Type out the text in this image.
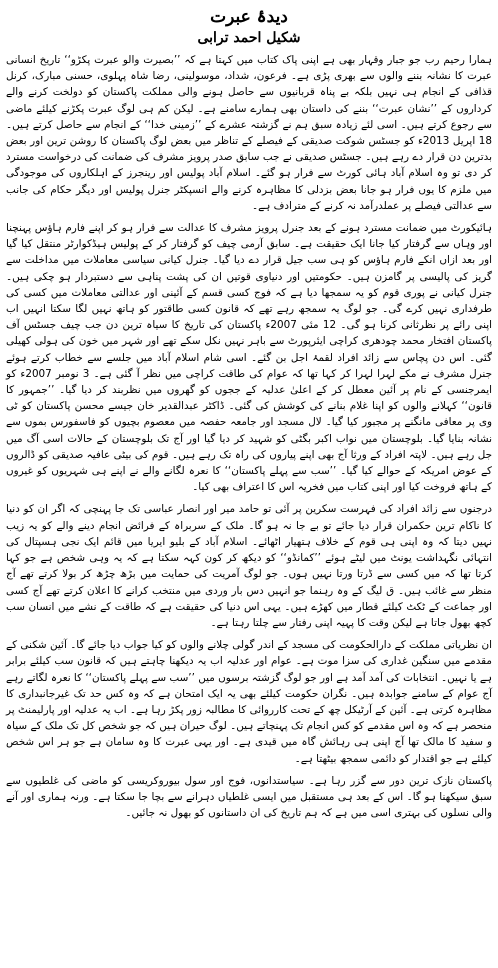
دیدۂ عبرت
شکیل احمد ترابی

ہمارا رحیم رب جو جبار وقہار بھی ہے اپنی پاک کتاب میں کہتا ہے کہ ’’بصیرت والو عبرت پکڑو‘‘ تاریخ انسانی عبرت کا نشانہ بننے والوں سے بھری پڑی ہے۔ فرعون، شداد، موسولینی، رضا شاہ پہلوی، حسنی مبارک، کرنل قذافی کے انجام ہی نہیں بلکہ بے پناہ قربانیوں سے حاصل ہونے والی مملکت پاکستان کو دولخت کرنے والے کرداروں کے ’’نشان عبرت‘‘ بننے کی داستان بھی ہمارے سامنے ہے۔ لیکن کم ہی لوگ عبرت پکڑنے کیلئے ماضی سے رجوع کرتے ہیں۔ اسی لئے زیادہ سبق ہم نے گزشتہ عشرے کے ’’زمینی خدا‘‘ کے انجام سے حاصل کرتے ہیں۔ 18 اپریل 2013ء کو جسٹس شوکت صدیقی کے فیصلے کے تناظر میں بعض لوگ پاکستان کا روشن ترین اور بعض بدترین دن قرار دے رہے ہیں۔ جسٹس صدیقی نے جب سابق صدر پرویز مشرف کی ضمانت کی درخواست مسترد کر دی تو وہ اسلام آباد ہائی کورٹ سے فرار ہو گئے۔ اسلام آباد پولیس اور رینجرز کے اہلکاروں کی موجودگی میں ملزم کا یوں فرار ہو جانا بعض بزدلی کا مظاہرہ کرنے والے انسپکٹر جنرل پولیس اور دیگر حکام کی جانب سے عدالتی فیصلے پر عملدرآمد نہ کرنے کے مترادف ہے۔

ہائیکورٹ میں ضمانت مسترد ہونے کے بعد جنرل پرویز مشرف کا عدالت سے فرار ہو کر اپنے فارم ہاؤس پہنچنا اور وہاں سے گرفتار کیا جانا ایک حقیقت ہے۔ سابق آرمی چیف کو گرفتار کر کے پولیس ہیڈکوارٹر منتقل کیا گیا اور بعد ازاں انکے فارم ہاؤس کو ہی سب جیل قرار دے دیا گیا۔ جنرل کیانی سیاسی معاملات میں مداخلت سے گریز کی پالیسی پر گامزن ہیں۔ حکومتیں اور دنیاوی قوتیں ان کی پشت پناہی سے دستبردار ہو چکی ہیں۔ جنرل کیانی نے پوری قوم کو یہ سمجھا دیا ہے کہ فوج کسی قسم کے آئینی اور عدالتی معاملات میں کسی کی طرفداری نہیں کرے گی۔ جو لوگ یہ سمجھ رہے تھے کہ قانون کسی طاقتور کو ہاتھ نہیں لگا سکتا انہیں اب اپنی رائے پر نظرثانی کرنا ہو گی۔ 12 مئی 2007ء پاکستان کی تاریخ کا سیاہ ترین دن جب چیف جسٹس آف پاکستان افتخار محمد چودھری کراچی ایئرپورٹ سے باہر نہیں نکل سکے تھے اور شہر میں خون کی ہولی کھیلی گئی۔ اس دن پچاس سے زائد افراد لقمۂ اجل بن گئے۔ اسی شام اسلام آباد میں جلسے سے خطاب کرتے ہوئے جنرل مشرف نے مکے لہرا لہرا کر کہا تھا کہ عوام کی طاقت کراچی میں نظر آ گئی ہے۔ 3 نومبر 2007ء کو ایمرجنسی کے نام پر آئین معطل کر کے اعلیٰ عدلیہ کے ججوں کو گھروں میں نظربند کر دیا گیا۔ ’’جمہور کا قانون‘‘ کہلانے والوں کو اپنا غلام بنانے کی کوشش کی گئی۔ ڈاکٹر عبدالقدیر خان جیسے محسن پاکستان کو ٹی وی پر معافی مانگنے پر مجبور کیا گیا۔ لال مسجد اور جامعہ حفصہ میں معصوم بچیوں کو فاسفورس بموں سے نشانہ بنایا گیا۔ بلوچستان میں نواب اکبر بگٹی کو شہید کر دیا گیا اور آج تک بلوچستان کے حالات اسی آگ میں جل رہے ہیں۔ لاپتہ افراد کے ورثا آج بھی اپنے پیاروں کی راہ تک رہے ہیں۔ قوم کی بیٹی عافیہ صدیقی کو ڈالروں کے عوض امریکہ کے حوالے کیا گیا۔ ’’سب سے پہلے پاکستان‘‘ کا نعرہ لگانے والے نے اپنے ہی شہریوں کو غیروں کے ہاتھ فروخت کیا اور اپنی کتاب میں فخریہ اس کا اعتراف بھی کیا۔

درجنوں سے زائد افراد کی فہرست سکرین پر آئی تو حامد میر اور انصار عباسی تک جا پہنچی کہ اگر ان کو دنیا کا ناکام ترین حکمران قرار دیا جائے تو بے جا نہ ہو گا۔ ملک کے سربراہ کے فرائض انجام دینے والے کو یہ زیب نہیں دیتا کہ وہ اپنی ہی قوم کے خلاف ہتھیار اٹھائے۔ اسلام آباد کے بلیو ایریا میں قائم ایک نجی ہسپتال کی انتہائی نگہداشت یونٹ میں لیٹے ہوئے ’’کمانڈو‘‘ کو دیکھ کر کون کہہ سکتا ہے کہ یہ وہی شخص ہے جو کہا کرتا تھا کہ میں کسی سے ڈرتا ورتا نہیں ہوں۔ جو لوگ آمریت کی حمایت میں بڑھ چڑھ کر بولا کرتے تھے آج منظر سے غائب ہیں۔ ق لیگ کے وہ رہنما جو انہیں دس بار وردی میں منتخب کرانے کا اعلان کرتے تھے آج کسی اور جماعت کے ٹکٹ کیلئے قطار میں کھڑے ہیں۔ یہی اس دنیا کی حقیقت ہے کہ طاقت کے نشے میں انسان سب کچھ بھول جاتا ہے لیکن وقت کا پہیہ اپنی رفتار سے چلتا رہتا ہے۔

ان نظریاتی مملکت کے دارالحکومت کی مسجد کے اندر گولی چلانے والوں کو کیا جواب دیا جائے گا۔ آئین شکنی کے مقدمے میں سنگین غداری کی سزا موت ہے۔ عوام اور عدلیہ اب یہ دیکھنا چاہتے ہیں کہ قانون سب کیلئے برابر ہے یا نہیں۔ انتخابات کی آمد آمد ہے اور جو لوگ گزشتہ برسوں میں ’’سب سے پہلے پاکستان‘‘ کا نعرہ لگاتے رہے آج عوام کے سامنے جوابدہ ہیں۔ نگران حکومت کیلئے بھی یہ ایک امتحان ہے کہ وہ کس حد تک غیرجانبداری کا مظاہرہ کرتی ہے۔ آئین کے آرٹیکل چھ کے تحت کارروائی کا مطالبہ زور پکڑ رہا ہے۔ اب یہ عدلیہ اور پارلیمنٹ پر منحصر ہے کہ وہ اس مقدمے کو کس انجام تک پہنچاتے ہیں۔ لوگ حیران ہیں کہ جو شخص کل تک ملک کے سیاہ و سفید کا مالک تھا آج اپنی ہی رہائش گاہ میں قیدی ہے۔ اور یہی عبرت کا وہ سامان ہے جو ہر اس شخص کیلئے ہے جو اقتدار کو دائمی سمجھ بیٹھتا ہے۔

پاکستان نازک ترین دور سے گزر رہا ہے۔ سیاستدانوں، فوج اور سول بیوروکریسی کو ماضی کی غلطیوں سے سبق سیکھنا ہو گا۔ اس کے بعد ہی مستقبل میں ایسی غلطیاں دہرانے سے بچا جا سکتا ہے۔ ورنہ ہماری اور آنے والی نسلوں کی بہتری اسی میں ہے کہ ہم تاریخ کی ان داستانوں کو بھول نہ جائیں۔
